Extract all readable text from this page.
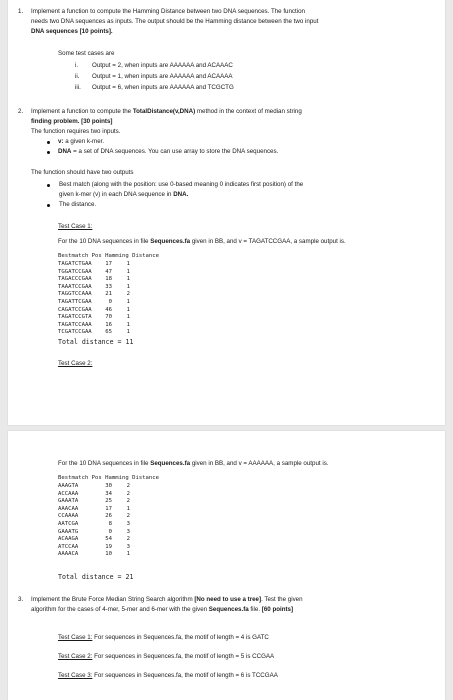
1. Implement a function to compute the Hamming Distance between two DNA sequences. The function
needs two DNA sequences as inputs. The output should be the Hamming distance between the two input
DNA sequences [10 points].
Some test cases are
i. Output = 2, when inputs are AAAAAA and ACAAAC
ii. Output = 1, when inputs are AAAAAA and ACAAAA
iii. Output = 6, when inputs are AAAAAA and TCGCTG
2. Implement a function to compute the TotalDistance(v,DNA) method in the context of median string
finding problem. [30 points]
The function requires two inputs.
v: a given k-mer.
DNA = a set of DNA sequences. You can use array to store the DNA sequences.
The function should have two outputs
Best match (along with the position: use 0-based meaning 0 indicates first position) of the
given k-mer (v) in each DNA sequence in DNA.
The distance.
Test Case 1:
For the 10 DNA sequences in file Sequences.fa given in BB, and v = TAGATCCGAA, a sample output is.
Bestmatch Pos Hamming Distance
TAGATCTGAA	17	1
TGGATCCGAA	47	1
TAGACCCGAA	18	1
TAAATCCGAA	33	1
TAGGTCCAAA	21	2
TAGATTCGAA	0	1
CAGATCCGAA	46	1
TAGATCCGTA	70	1
TAGATCCAAA	16	1
TCGATCCGAA	65	1
Total distance = 11
Test Case 2:
For the 10 DNA sequences in file Sequences.fa given in BB, and v = AAAAAA, a sample output is.
Bestmatch Pos Hamming Distance
AAAGTA	30	2
ACCAAA	34	2
GAAATA	25	2
AAACAA	17	1
CCAAAA	26	2
AATCGA	8	3
GAAATG	0	3
ACAAGA	54	2
ATCCAA	19	3
AAAACA	10	1
Total distance = 21
3. Implement the Brute Force Median String Search algorithm [No need to use a tree]. Test the given
algorithm for the cases of 4-mer, 5-mer and 6-mer with the given Sequences.fa file. [60 points]
Test Case 1: For sequences in Sequences.fa, the motif of length = 4 is GATC
Test Case 2: For sequences in Sequences.fa, the motif of length = 5 is CCGAA
Test Case 3: For sequences in Sequences.fa, the motif of length = 6 is TCCGAA
